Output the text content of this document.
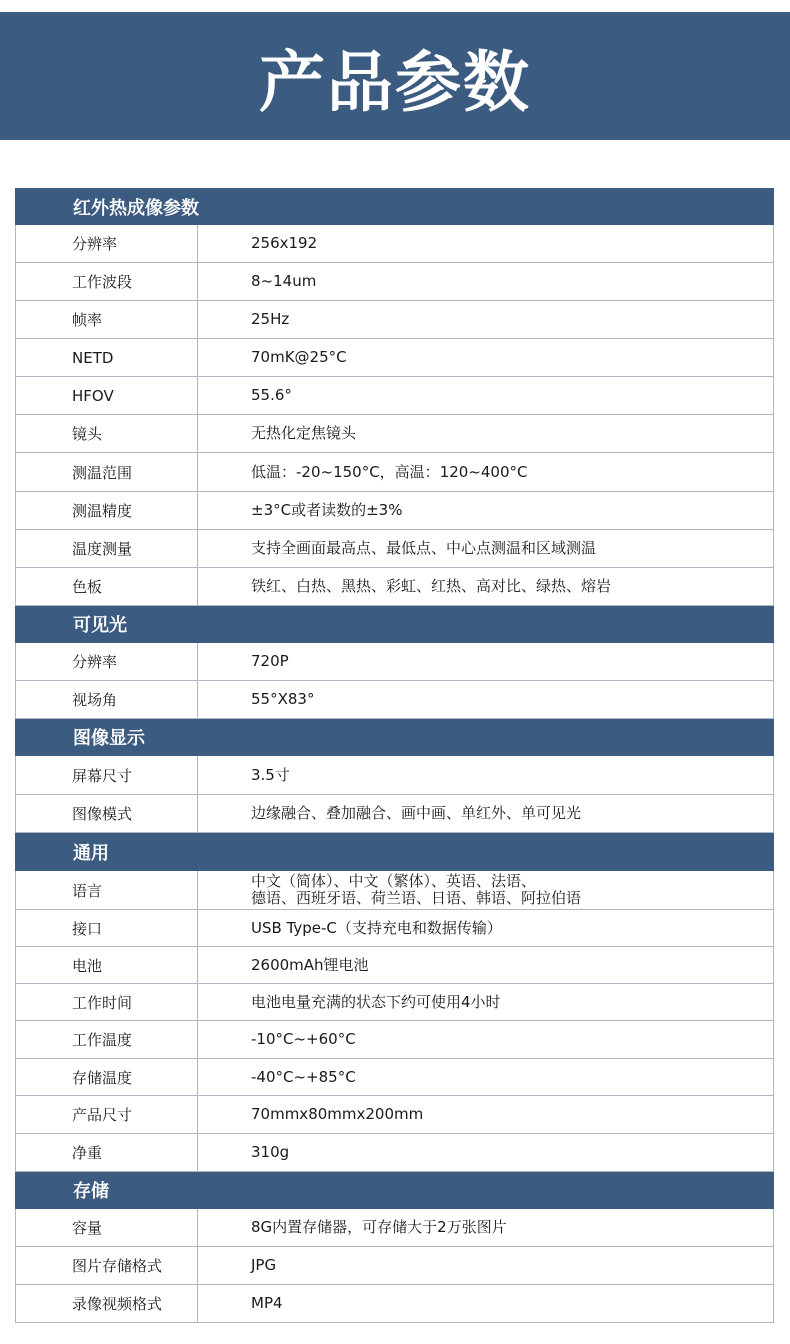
产品参数
红外热成像参数	
分辨率	256x192
工作波段	8~14um
帧率	25Hz
NETD	70mK@25°C
HFOV	55.6°
镜头	无热化定焦镜头
测温范围	低温：-20~150°C，高温：120~400°C
测温精度	±3°C或者读数的±3%
温度测量	支持全画面最高点、最低点、中心点测温和区域测温
色板	铁红、白热、黑热、彩虹、红热、高对比、绿热、熔岩
可见光	
分辨率	720P
视场角	55°X83°
图像显示	
屏幕尺寸	3.5寸
图像模式	边缘融合、叠加融合、画中画、单红外、单可见光
通用	
语言	中文（简体）、中文（繁体）、英语、法语、
德语、西班牙语、荷兰语、日语、韩语、阿拉伯语

接口	USB Type-C（支持充电和数据传输）
电池	2600mAh锂电池
工作时间	电池电量充满的状态下约可使用4小时
工作温度	-10°C~+60°C
存储温度	-40°C~+85°C
产品尺寸	70mmx80mmx200mm
净重	310g
存储	
容量	8G内置存储器，可存储大于2万张图片
图片存储格式	JPG
录像视频格式	MP4
